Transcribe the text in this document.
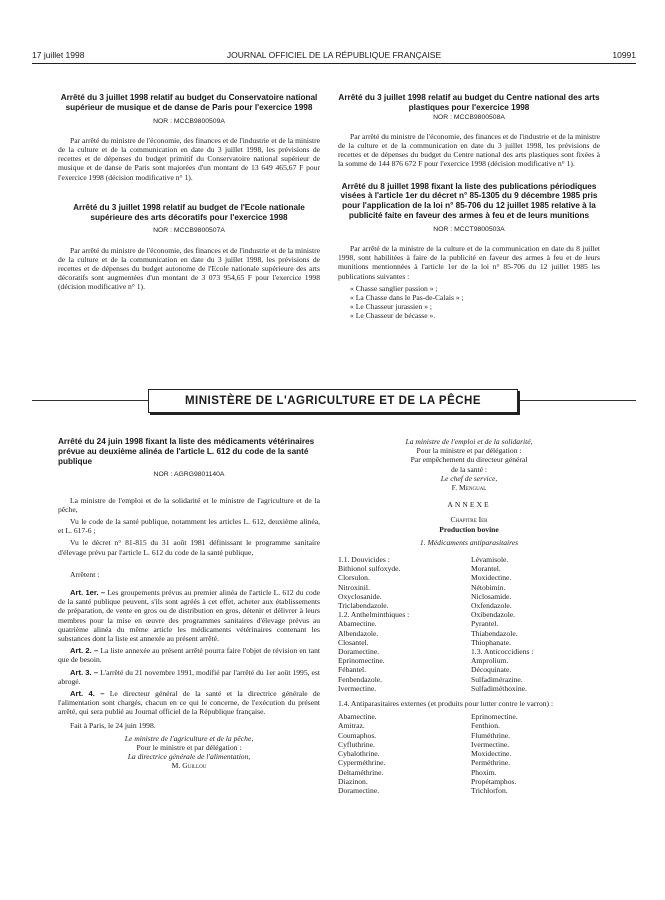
17 juillet 1998	JOURNAL OFFICIEL DE LA RÉPUBLIQUE FRANÇAISE	10991
Arrêté du 3 juillet 1998 relatif au budget du Conservatoire national supérieur de musique et de danse de Paris pour l'exercice 1998
NOR : MCCB9800509A
Par arrêté du ministre de l'économie, des finances et de l'industrie et de la ministre de la culture et de la communication en date du 3 juillet 1998, les prévisions de recettes et de dépenses du budget primitif du Conservatoire national supérieur de musique et de danse de Paris sont majorées d'un montant de 13 649 465,67 F pour l'exercice 1998 (décision modificative n° 1).
Arrêté du 3 juillet 1998 relatif au budget de l'Ecole nationale supérieure des arts décoratifs pour l'exercice 1998
NOR : MCCB9800507A
Par arrêté du ministre de l'économie, des finances et de l'industrie et de la ministre de la culture et de la communication en date du 3 juillet 1998, les prévisions de recettes et de dépenses du budget autonome de l'Ecole nationale supérieure des arts décoratifs sont augmentées d'un montant de 3 073 954,65 F pour l'exercice 1998 (décision modificative n° 1).
Arrêté du 3 juillet 1998 relatif au budget du Centre national des arts plastiques pour l'exercice 1998
NOR : MCCB9800508A
Par arrêté du ministre de l'économie, des finances et de l'industrie et de la ministre de la culture et de la communication en date du 3 juillet 1998, les prévisions de recettes et de dépenses du budget du Centre national des arts plastiques sont fixées à la somme de 144 876 672 F pour l'exercice 1998 (décision modificative n° 1).
Arrêté du 8 juillet 1998 fixant la liste des publications périodiques visées à l'article 1er du décret n° 85-1305 du 9 décembre 1985 pris pour l'application de la loi n° 85-706 du 12 juillet 1985 relative à la publicité faite en faveur des armes à feu et de leurs munitions
NOR : MCCT9800503A
Par arrêté de la ministre de la culture et de la communication en date du 8 juillet 1998, sont habilitées à faire de la publicité en faveur des armes à feu et de leurs munitions mentionnées à l'article 1er de la loi n° 85-706 du 12 juillet 1985 les publications suivantes :
« Chasse sanglier passion » ;
« La Chasse dans le Pas-de-Calais » ;
« Le Chasseur jurassien » ;
« Le Chasseur de bécasse ».
MINISTÈRE DE L'AGRICULTURE ET DE LA PÊCHE
Arrêté du 24 juin 1998 fixant la liste des médicaments vétérinaires prévue au deuxième alinéa de l'article L. 612 du code de la santé publique
NOR : AGRG9801140A
La ministre de l'emploi et de la solidarité et le ministre de l'agriculture et de la pêche,
Vu le code de la santé publique, notamment les articles L. 612, deuxième alinéa, et L. 617-6 ;
Vu le décret n° 81-815 du 31 août 1981 définissant le programme sanitaire d'élevage prévu par l'article L. 612 du code de la santé publique,
Arrêtent :
Art. 1er. – Les groupements prévus au premier alinéa de l'article L. 612 du code de la santé publique peuvent, s'ils sont agréés à cet effet, acheter aux établissements de préparation, de vente en gros ou de distribution en gros, détenir et délivrer à leurs membres pour la mise en œuvre des programmes sanitaires d'élevage prévus au quatrième alinéa du même article les médicaments vétérinaires contenant les substances dont la liste est annexée au présent arrêté.
Art. 2. – La liste annexée au présent arrêté pourra faire l'objet de révision en tant que de besoin.
Art. 3. – L'arrêté du 21 novembre 1991, modifié par l'arrêté du 1er août 1995, est abrogé.
Art. 4. – Le directeur général de la santé et la directrice générale de l'alimentation sont chargés, chacun en ce qui le concerne, de l'exécution du présent arrêté, qui sera publié au Journal officiel de la République française.
Fait à Paris, le 24 juin 1998.
Le ministre de l'agriculture et de la pêche,
Pour le ministre et par délégation :
La directrice générale de l'alimentation,
M. Guillou
La ministre de l'emploi et de la solidarité,
Pour la ministre et par délégation :
Par empêchement du directeur général
de la santé :
Le chef de service,
F. Mengual
ANNEXE
Chapitre Ier
Production bovine
1. Médicaments antiparasitaires
1.1. Douvicides :
Bithionol sulfoxyde.
Clorsulon.
Nitroxinil.
Oxyclosanide.
Triclabendazole.
1.2. Anthelminthiques :
Abamectine.
Albendazole.
Closantel.
Doramectine.
Eprinomectine.
Fébantel.
Fenbendazole.
Ivermectine.
Lévamisole.
Morantel.
Moxidectine.
Nétobimin.
Niclosamide.
Oxfendazole.
Oxibendazole.
Pyrantel.
Thiabendazole.
Thiophanate.
1.3. Anticoccidiens :
Amprolium.
Décoquinate.
Sulfadimérazine.
Sulfadiméthoxine.
1.4. Antiparasitaires externes (et produits pour lutter contre le varron) :
Abamectine.
Amitraz.
Coumaphos.
Cyfluthrine.
Cyhalothrine.
Cyperméthrine.
Deltaméthrine.
Diazinon.
Doramectine.
Eprinomectine.
Fenthion.
Fluméthrine.
Ivermectine.
Moxidectine.
Perméthrine.
Phoxim.
Propétamphos.
Trichlorfon.
